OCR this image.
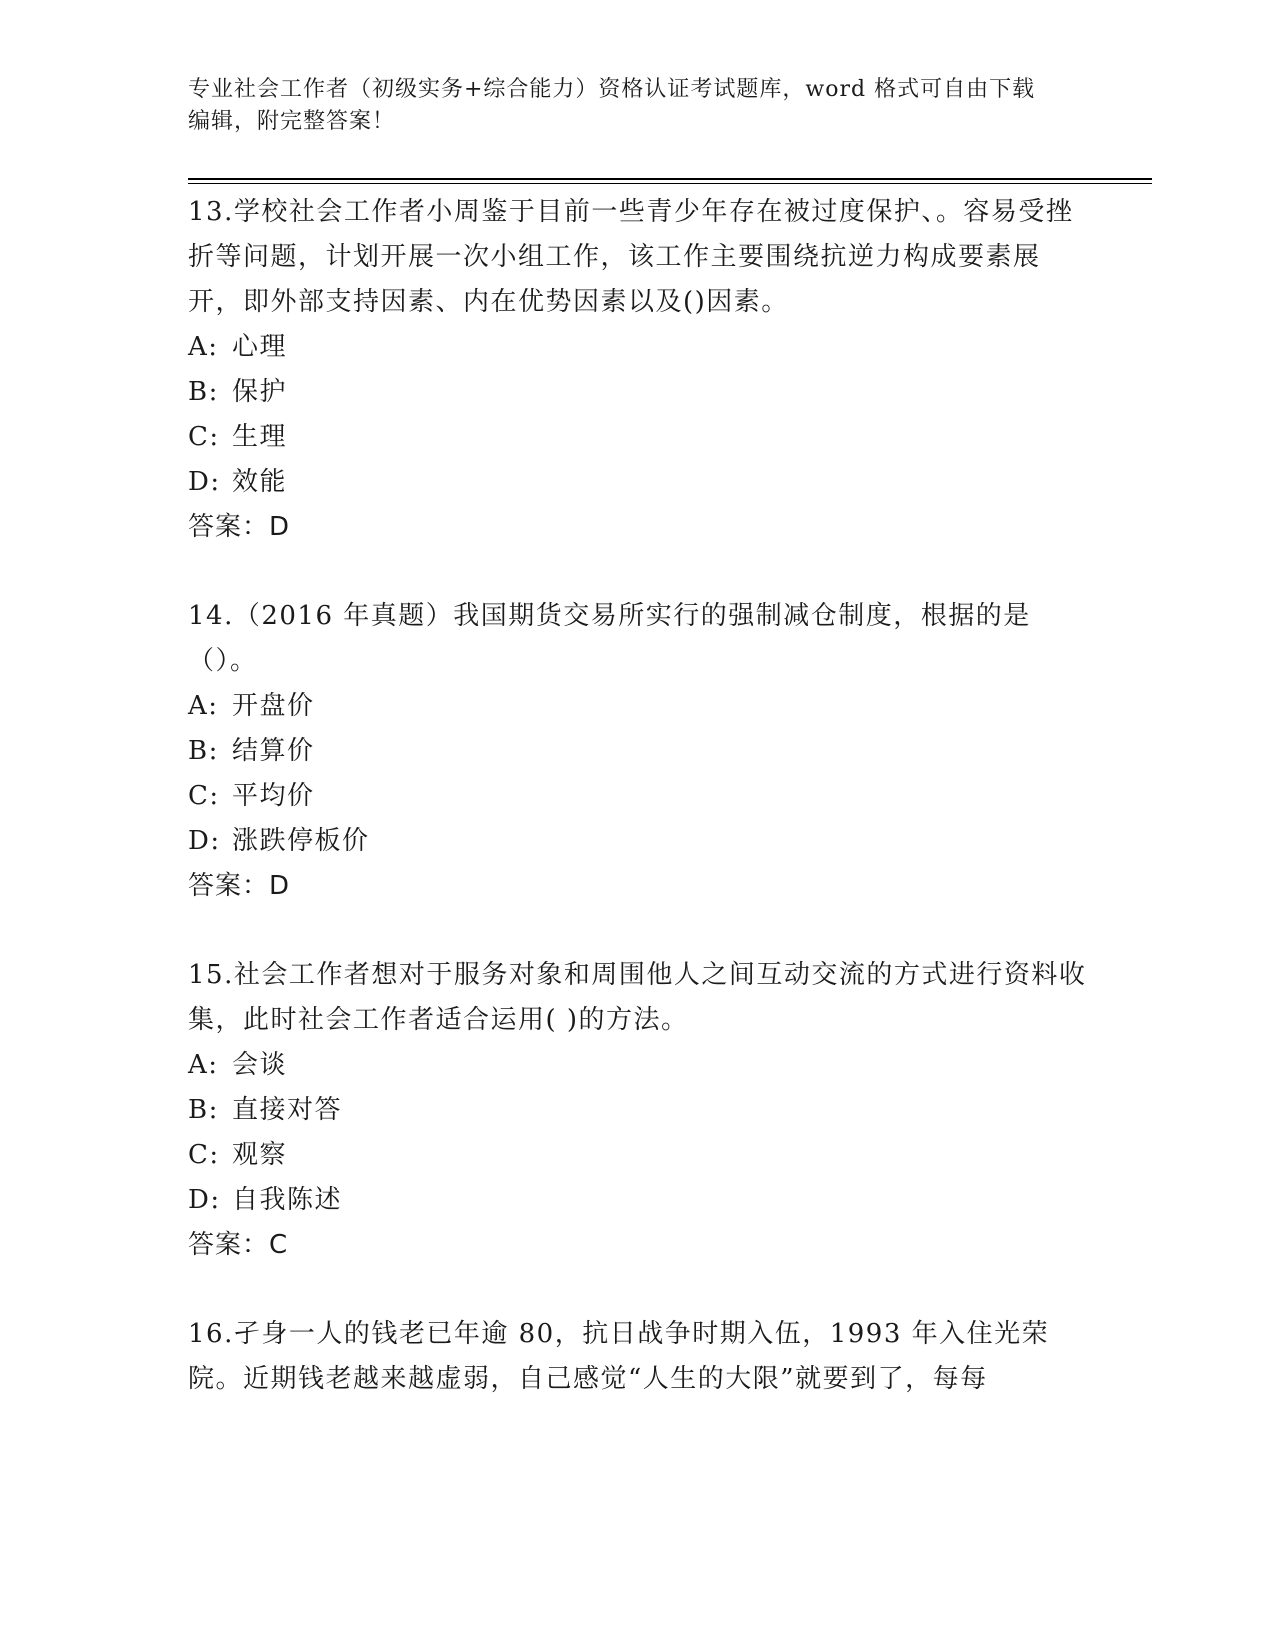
专业社会工作者（初级实务+综合能力）资格认证考试题库，word 格式可自由下载
编辑，附完整答案！

13.学校社会工作者小周鉴于目前一些青少年存在被过度保护、。容易受挫折等问题，计划开展一次小组工作，该工作主要围绕抗逆力构成要素展开，即外部支持因素、内在优势因素以及()因素。

A: 心理
B: 保护
C: 生理
D: 效能
答案：D

14.（2016 年真题）我国期货交易所实行的强制减仓制度，根据的是（）。

A: 开盘价
B: 结算价
C: 平均价
D: 涨跌停板价
答案：D

15.社会工作者想对于服务对象和周围他人之间互动交流的方式进行资料收集，此时社会工作者适合运用( )的方法。

A: 会谈
B: 直接对答
C: 观察
D: 自我陈述
答案：C

16.孑身一人的钱老已年逾 80，抗日战争时期入伍，1993 年入住光荣院。近期钱老越来越虚弱，自己感觉“人生的大限”就要到了，每每
